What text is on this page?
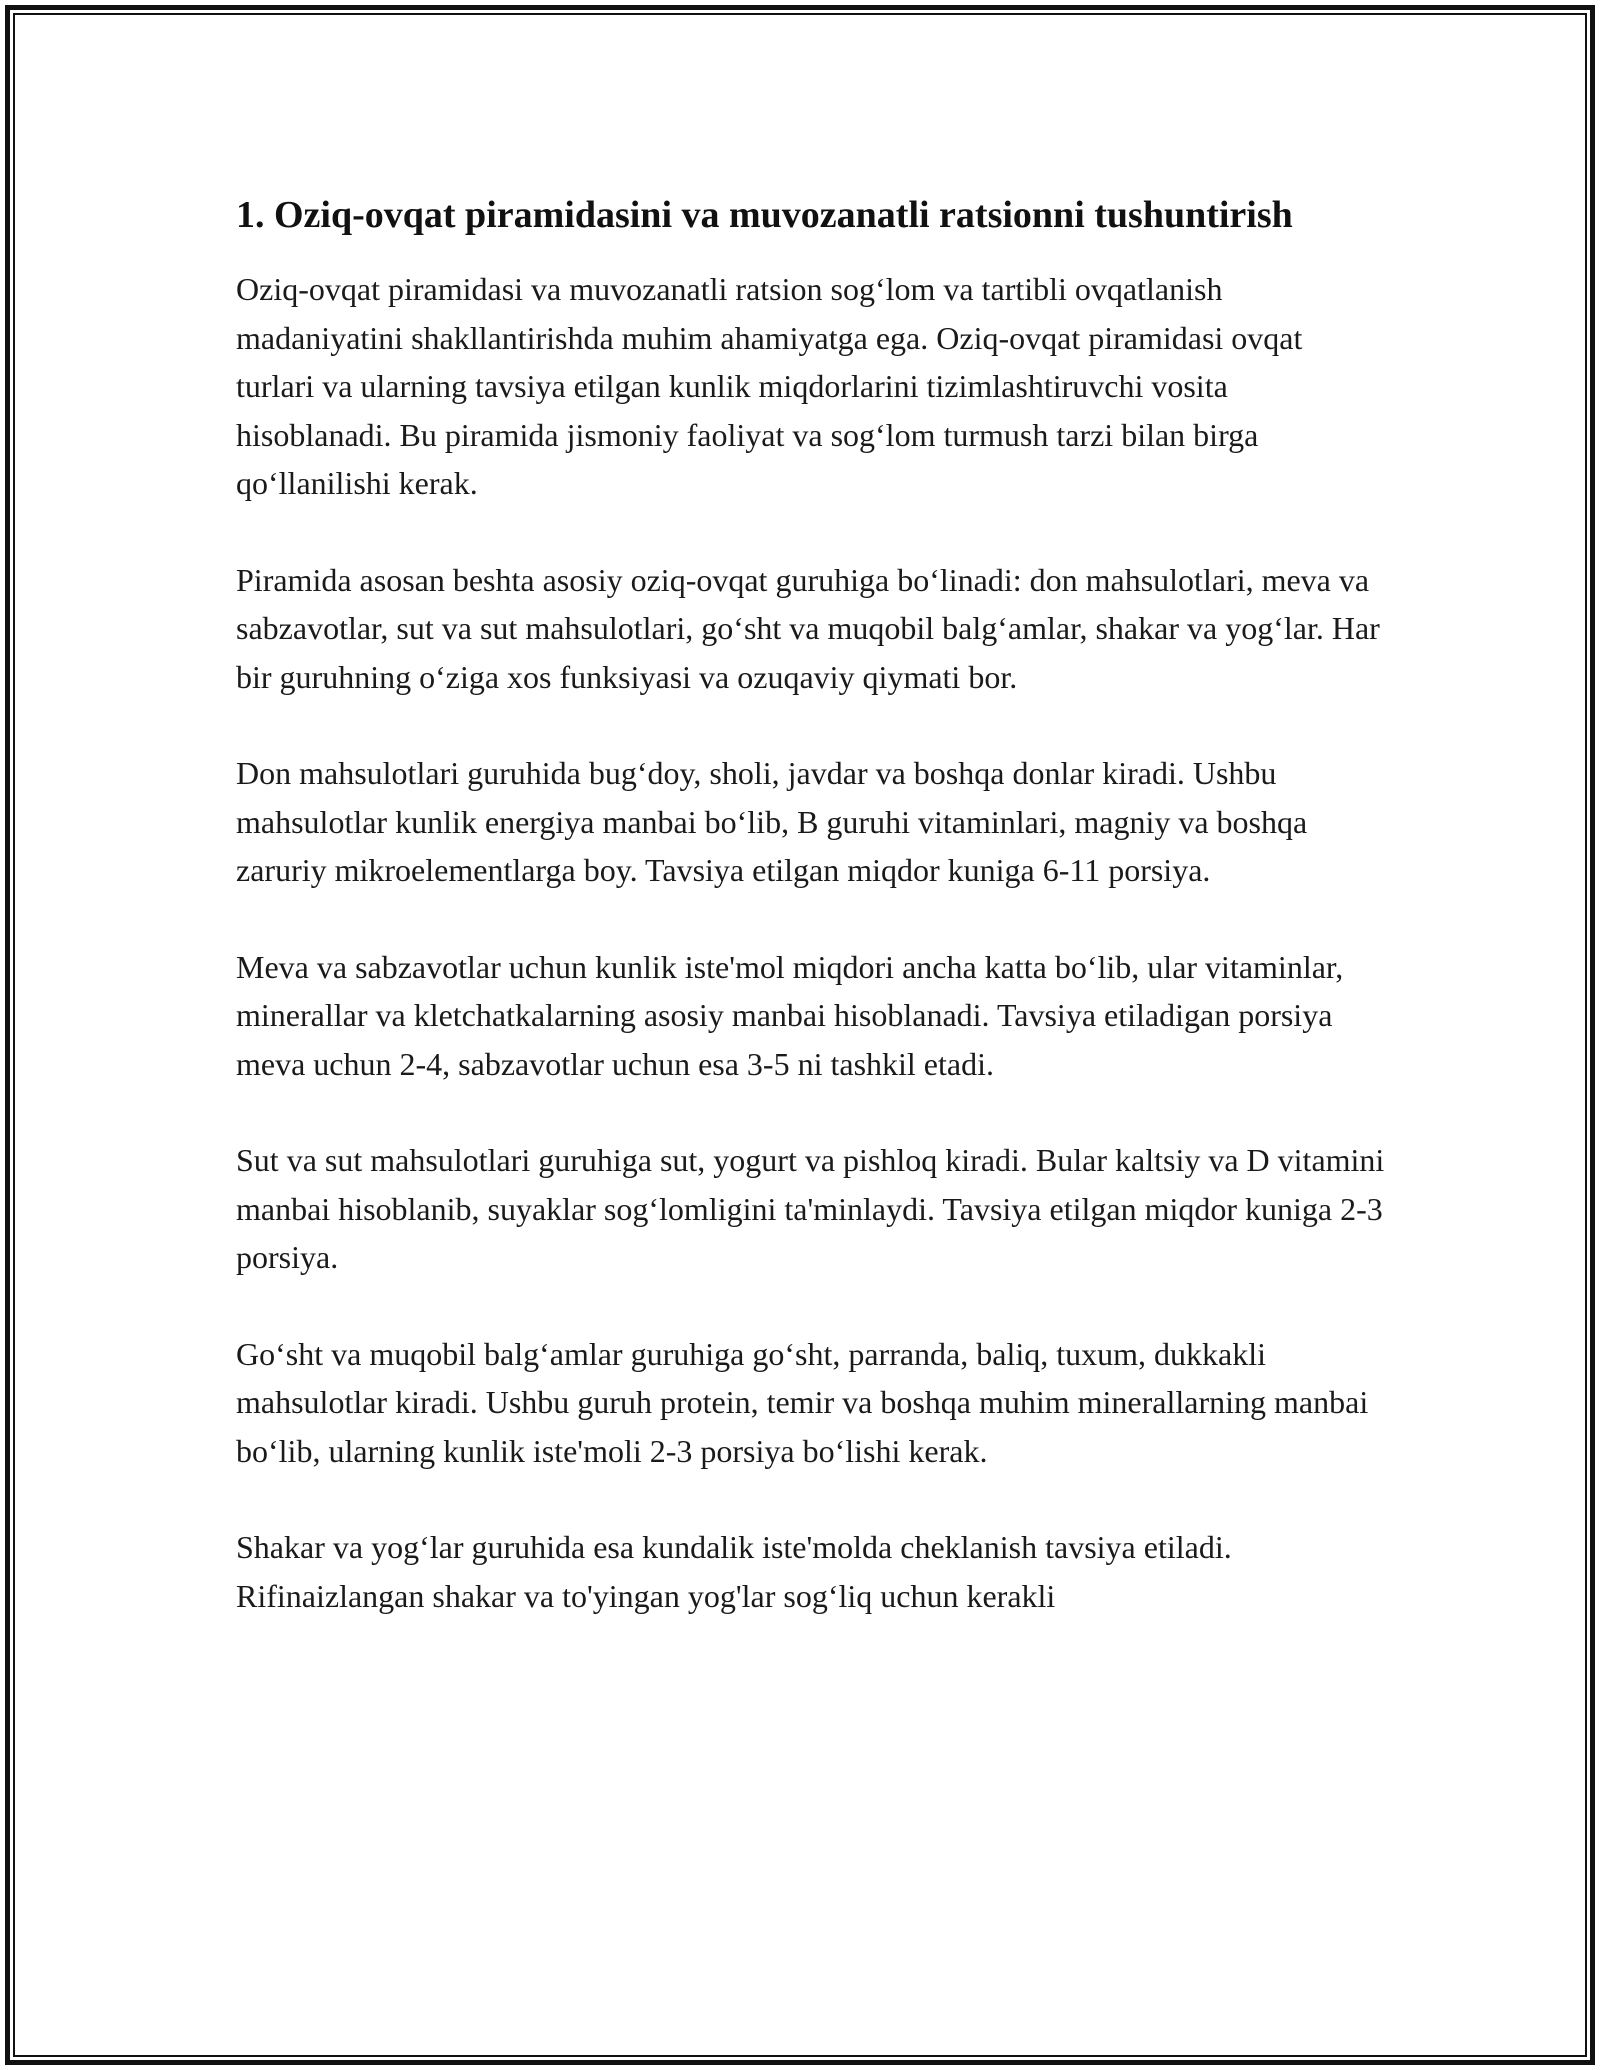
1. Oziq-ovqat piramidasini va muvozanatli ratsionni tushuntirish

Oziq-ovqat piramidasi va muvozanatli ratsion sog‘lom va tartibli ovqatlanish madaniyatini shakllantirishda muhim ahamiyatga ega. Oziq-ovqat piramidasi ovqat turlari va ularning tavsiya etilgan kunlik miqdorlarini tizimlashtiruvchi vosita hisoblanadi. Bu piramida jismoniy faoliyat va sog‘lom turmush tarzi bilan birga qo‘llanilishi kerak.

Piramida asosan beshta asosiy oziq-ovqat guruhiga bo‘linadi: don mahsulotlari, meva va sabzavotlar, sut va sut mahsulotlari, go‘sht va muqobil balg‘amlar, shakar va yog‘lar. Har bir guruhning o‘ziga xos funksiyasi va ozuqaviy qiymati bor.

Don mahsulotlari guruhida bug‘doy, sholi, javdar va boshqa donlar kiradi. Ushbu mahsulotlar kunlik energiya manbai bo‘lib, B guruhi vitaminlari, magniy va boshqa zaruriy mikroelementlarga boy. Tavsiya etilgan miqdor kuniga 6-11 porsiya.

Meva va sabzavotlar uchun kunlik iste'mol miqdori ancha katta bo‘lib, ular vitaminlar, minerallar va kletchatkalarning asosiy manbai hisoblanadi. Tavsiya etiladigan porsiya meva uchun 2-4, sabzavotlar uchun esa 3-5 ni tashkil etadi.

Sut va sut mahsulotlari guruhiga sut, yogurt va pishloq kiradi. Bular kaltsiy va D vitamini manbai hisoblanib, suyaklar sog‘lomligini ta'minlaydi. Tavsiya etilgan miqdor kuniga 2-3 porsiya.

Go‘sht va muqobil balg‘amlar guruhiga go‘sht, parranda, baliq, tuxum, dukkakli mahsulotlar kiradi. Ushbu guruh protein, temir va boshqa muhim minerallarning manbai bo‘lib, ularning kunlik iste'moli 2-3 porsiya bo‘lishi kerak.

Shakar va yog‘lar guruhida esa kundalik iste'molda cheklanish tavsiya etiladi. Rifinaizlangan shakar va to'yingan yog'lar sog‘liq uchun kerakli
